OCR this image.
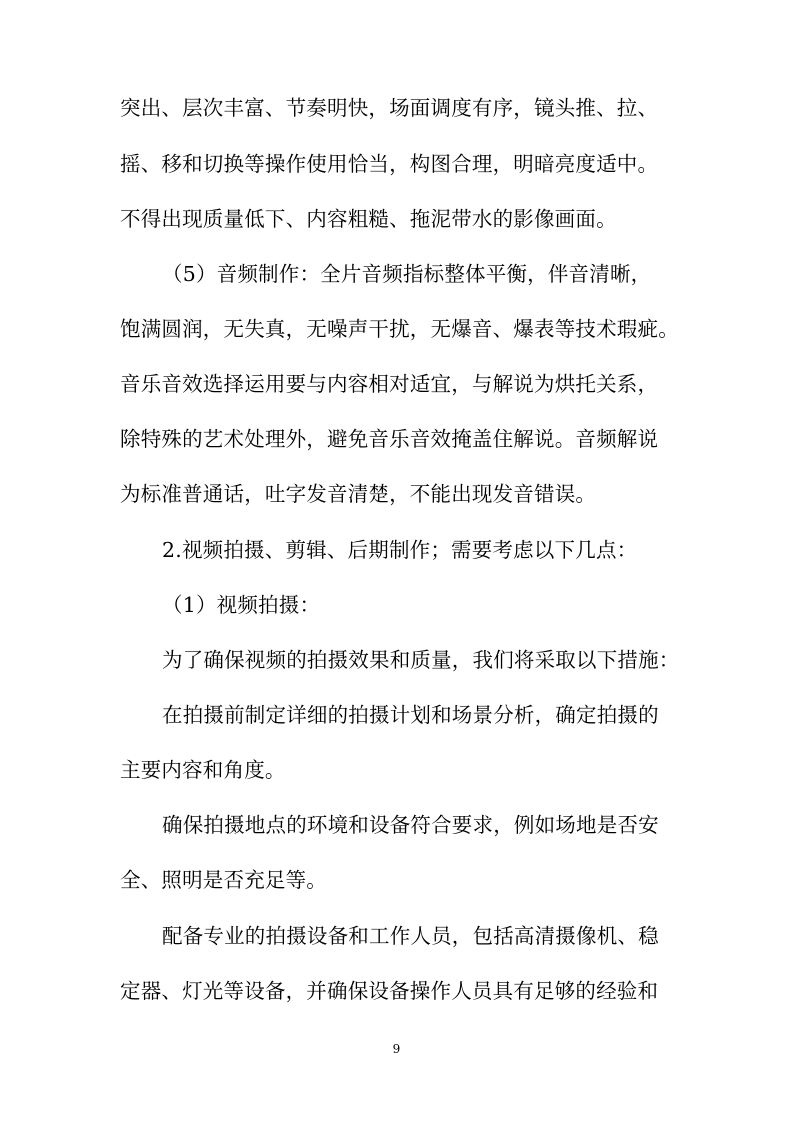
突出、层次丰富、节奏明快，场面调度有序，镜头推、拉、
摇、移和切换等操作使用恰当，构图合理，明暗亮度适中。
不得出现质量低下、内容粗糙、拖泥带水的影像画面。
（5）音频制作：全片音频指标整体平衡，伴音清晰，
饱满圆润，无失真，无噪声干扰，无爆音、爆表等技术瑕疵。
音乐音效选择运用要与内容相对适宜，与解说为烘托关系，
除特殊的艺术处理外，避免音乐音效掩盖住解说。音频解说
为标准普通话，吐字发音清楚，不能出现发音错误。
2.视频拍摄、剪辑、后期制作；需要考虑以下几点：
（1）视频拍摄：
为了确保视频的拍摄效果和质量，我们将采取以下措施：
在拍摄前制定详细的拍摄计划和场景分析，确定拍摄的
主要内容和角度。
确保拍摄地点的环境和设备符合要求，例如场地是否安
全、照明是否充足等。
配备专业的拍摄设备和工作人员，包括高清摄像机、稳
定器、灯光等设备，并确保设备操作人员具有足够的经验和
9
